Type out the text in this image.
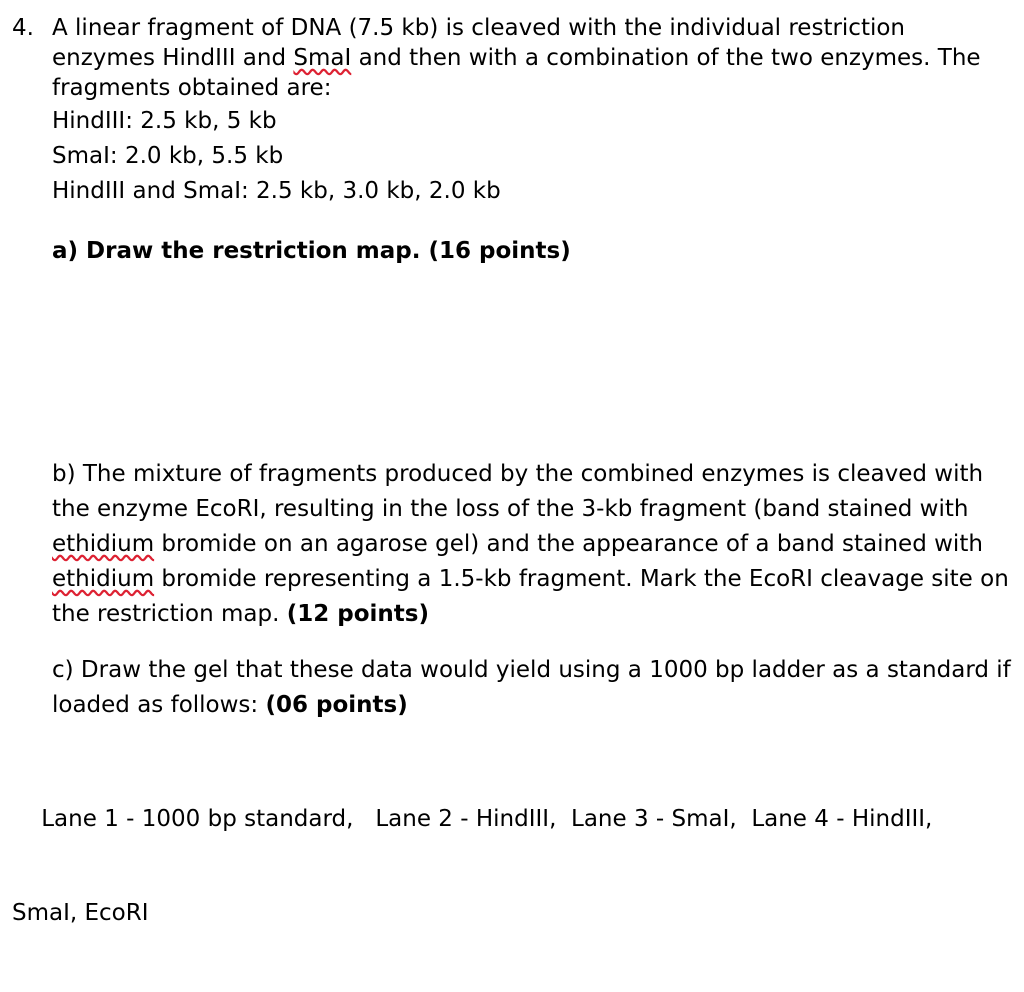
4. A linear fragment of DNA (7.5 kb) is cleaved with the individual restriction
enzymes HindIII and SmaI and then with a combination of the two enzymes. The
fragments obtained are:
HindIII: 2.5 kb, 5 kb
SmaI: 2.0 kb, 5.5 kb
HindIII and SmaI: 2.5 kb, 3.0 kb, 2.0 kb
a) Draw the restriction map. (16 points)
b) The mixture of fragments produced by the combined enzymes is cleaved with
the enzyme EcoRI, resulting in the loss of the 3-kb fragment (band stained with
ethidium bromide on an agarose gel) and the appearance of a band stained with
ethidium bromide representing a 1.5-kb fragment. Mark the EcoRI cleavage site on
the restriction map. (12 points)
c) Draw the gel that these data would yield using a 1000 bp ladder as a standard if
loaded as follows: (06 points)

Lane 1 - 1000 bp standard,   Lane 2 - HindIII,  Lane 3 - SmaI,  Lane 4 - HindIII,

SmaI, EcoRI
